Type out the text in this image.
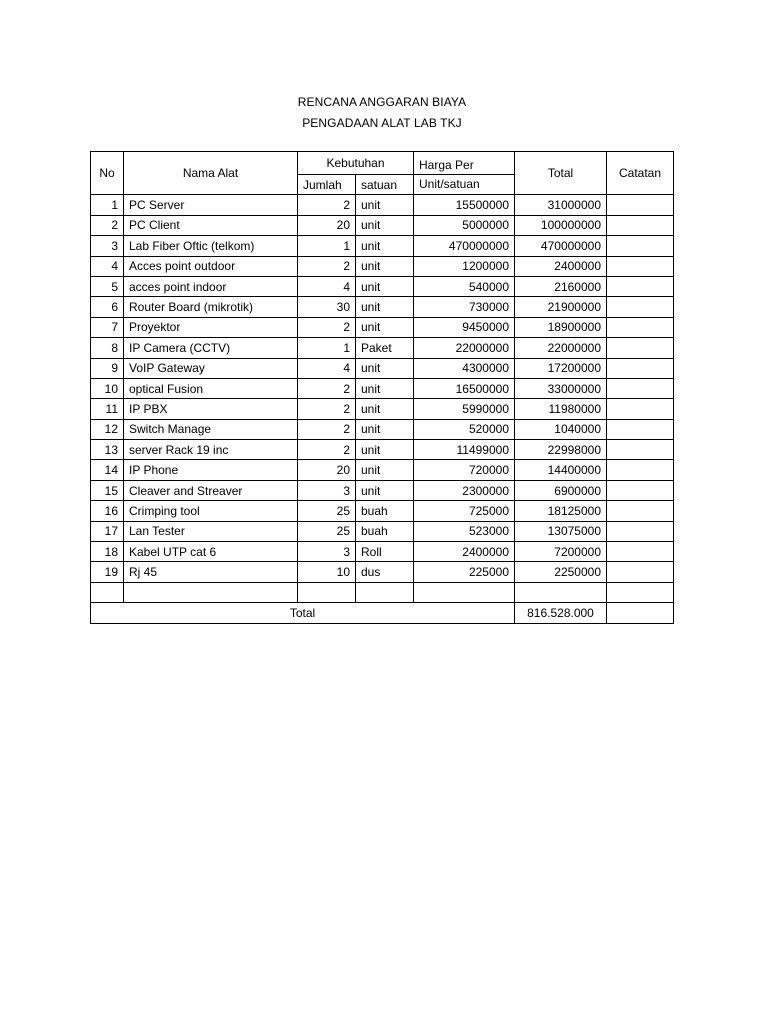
RENCANA ANGGARAN BIAYA
PENGADAAN ALAT LAB TKJ
No	Nama Alat	Kebutuhan		Harga Per	Total	Catatan
		Jumlah	satuan	Unit/satuan		
1	PC Server	2	unit	15500000	31000000	
2	PC Client	20	unit	5000000	100000000	
3	Lab Fiber Oftic (telkom)	1	unit	470000000	470000000	
4	Acces point outdoor	2	unit	1200000	2400000	
5	acces point indoor	4	unit	540000	2160000	
6	Router Board (mikrotik)	30	unit	730000	21900000	
7	Proyektor	2	unit	9450000	18900000	
8	IP Camera (CCTV)	1	Paket	22000000	22000000	
9	VoIP Gateway	4	unit	4300000	17200000	
10	optical Fusion	2	unit	16500000	33000000	
11	IP PBX	2	unit	5990000	11980000	
12	Switch Manage	2	unit	520000	1040000	
13	server Rack 19 inc	2	unit	11499000	22998000	
14	IP Phone	20	unit	720000	14400000	
15	Cleaver and Streaver	3	unit	2300000	6900000	
16	Crimping tool	25	buah	725000	18125000	
17	Lan Tester	25	buah	523000	13075000	
18	Kabel UTP cat 6	3	Roll	2400000	7200000	
19	Rj 45	10	dus	225000	2250000	

Total					816.528.000	
